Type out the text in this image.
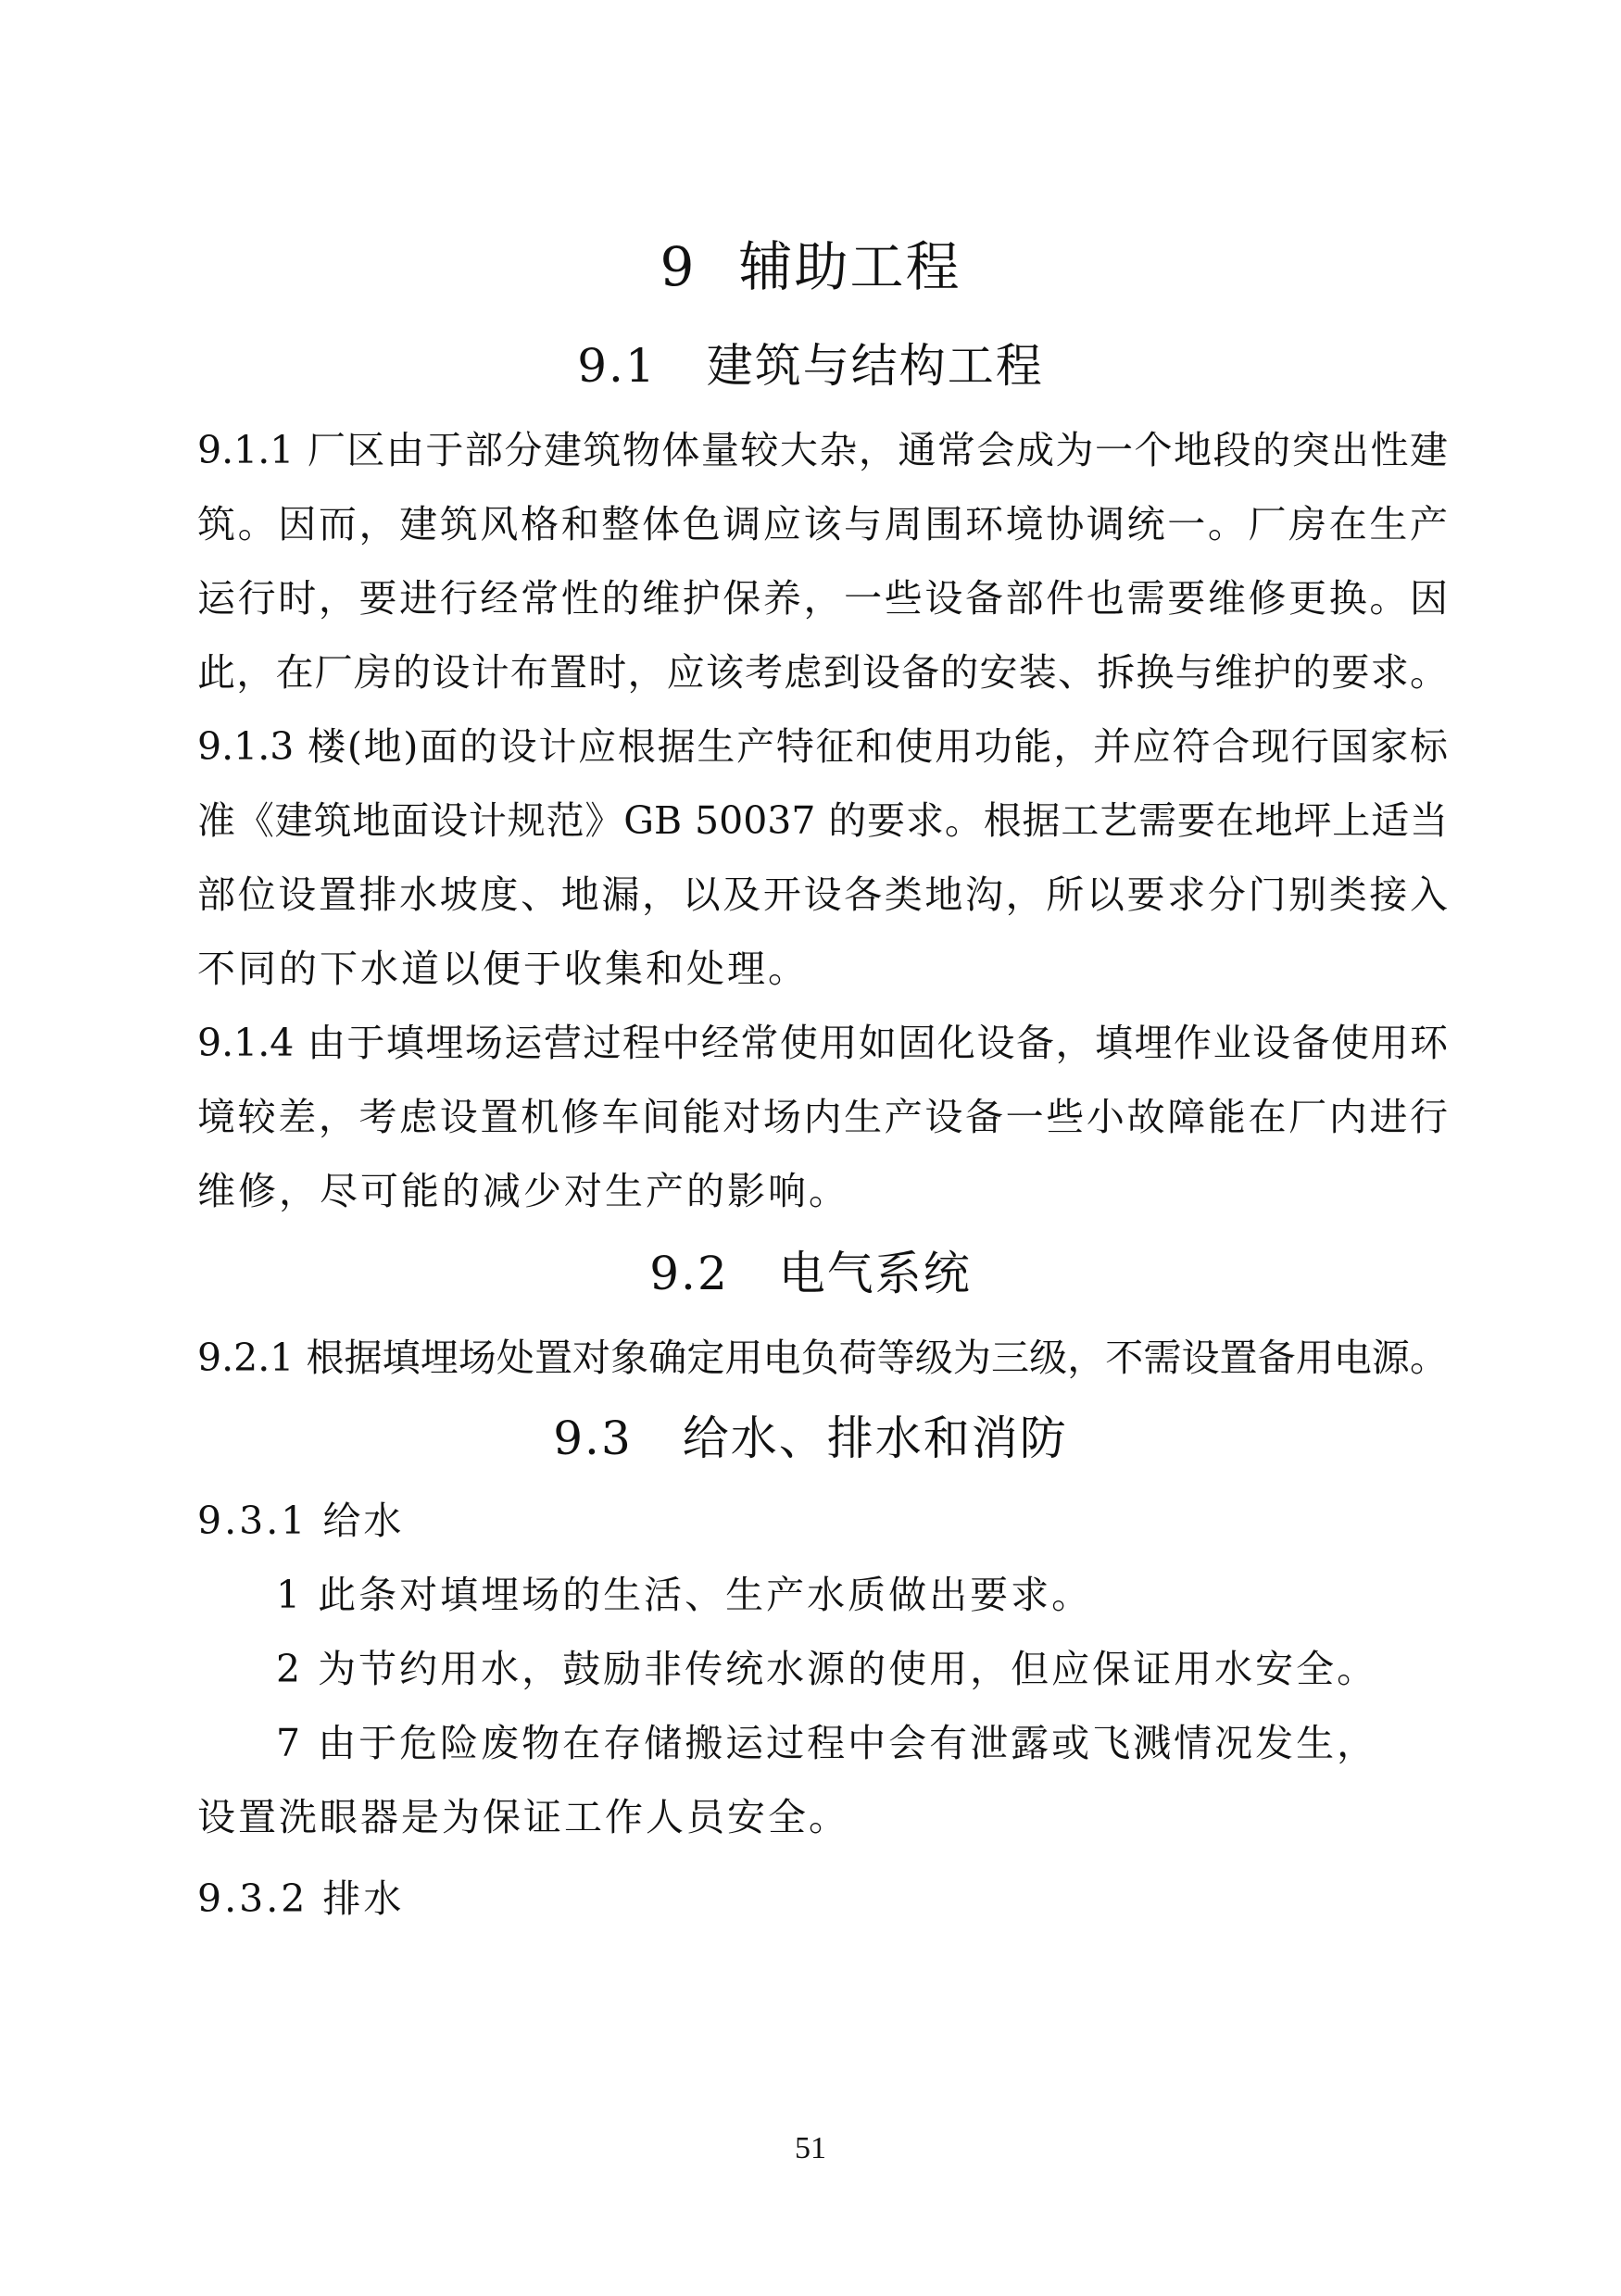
9 辅助工程
9.1 建筑与结构工程
9.1.1 厂区由于部分建筑物体量较大杂，通常会成为一个地段的突出性建
筑。因而，建筑风格和整体色调应该与周围环境协调统一。厂房在生产
运行时，要进行经常性的维护保养，一些设备部件也需要维修更换。因
此，在厂房的设计布置时，应该考虑到设备的安装、拆换与维护的要求。
9.1.3 楼(地)面的设计应根据生产特征和使用功能，并应符合现行国家标
准《建筑地面设计规范》GB 50037 的要求。根据工艺需要在地坪上适当
部位设置排水坡度、地漏，以及开设各类地沟，所以要求分门别类接入
不同的下水道以便于收集和处理。
9.1.4 由于填埋场运营过程中经常使用如固化设备，填埋作业设备使用环
境较差，考虑设置机修车间能对场内生产设备一些小故障能在厂内进行
维修，尽可能的减少对生产的影响。
9.2 电气系统
9.2.1 根据填埋场处置对象确定用电负荷等级为三级，不需设置备用电源。
9.3 给水、排水和消防
9.3.1 给水
1 此条对填埋场的生活、生产水质做出要求。
2 为节约用水，鼓励非传统水源的使用，但应保证用水安全。
7 由于危险废物在存储搬运过程中会有泄露或飞溅情况发生，
设置洗眼器是为保证工作人员安全。
9.3.2 排水
51
